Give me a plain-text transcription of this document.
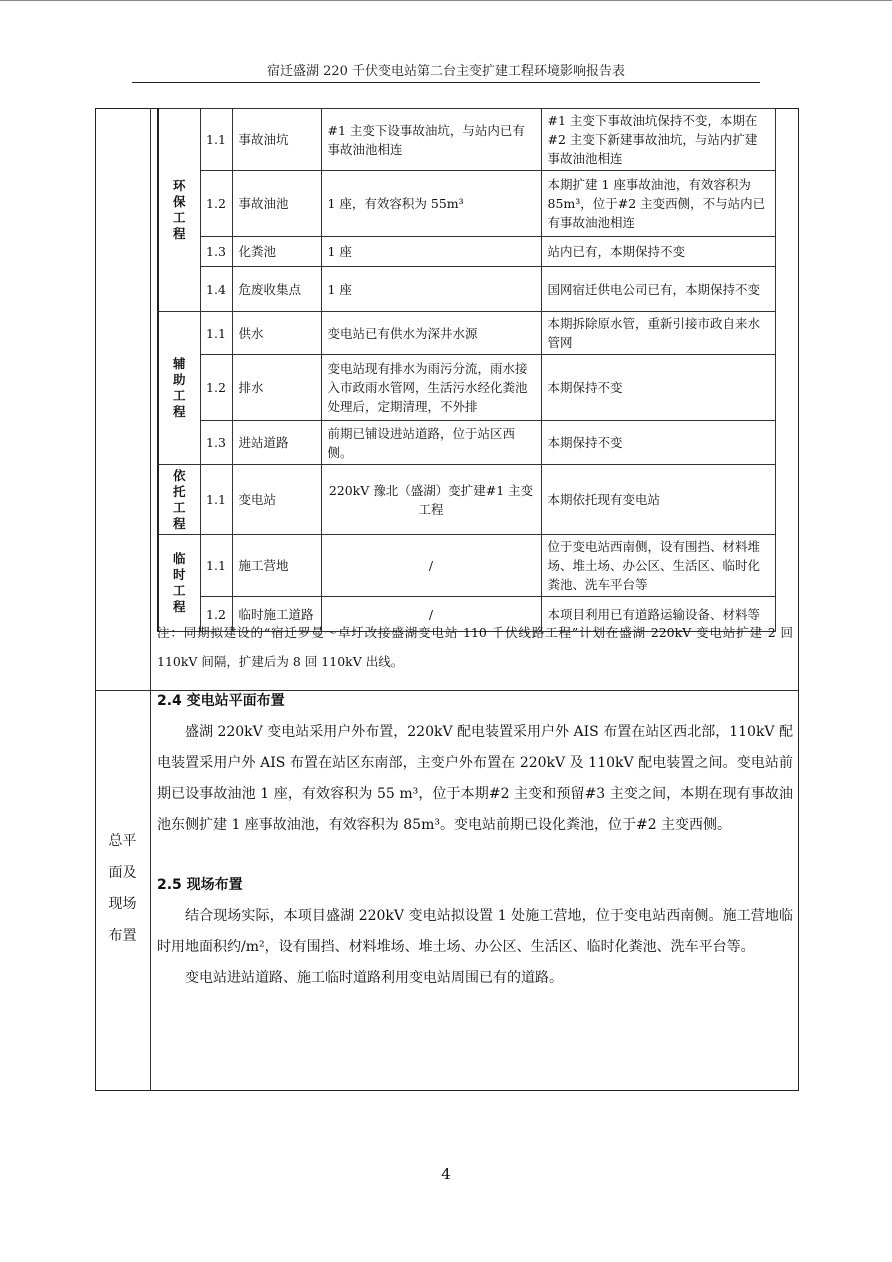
宿迁盛湖 220 千伏变电站第二台主变扩建工程环境影响报告表
环保工程	1.1	事故油坑	#1 主变下设事故油坑，与站内已有事故油池相连	#1 主变下事故油坑保持不变，本期在#2 主变下新建事故油坑，与站内扩建事故油池相连
	1.2	事故油池	1 座，有效容积为 55m³	本期扩建 1 座事故油池，有效容积为 85m³，位于#2 主变西侧，不与站内已有事故油池相连
	1.3	化粪池	1 座	站内已有，本期保持不变
	1.4	危废收集点	1 座	国网宿迁供电公司已有，本期保持不变
辅助工程	1.1	供水	变电站已有供水为深井水源	本期拆除原水管，重新引接市政自来水管网
	1.2	排水	变电站现有排水为雨污分流，雨水接入市政雨水管网，生活污水经化粪池处理后，定期清理，不外排	本期保持不变
	1.3	进站道路	前期已铺设进站道路，位于站区西侧。	本期保持不变
依托工程	1.1	变电站	220kV 豫北（盛湖）变扩建#1 主变工程	本期依托现有变电站
临时工程	1.1	施工营地	/	位于变电站西南侧，设有围挡、材料堆场、堆土场、办公区、生活区、临时化粪池、洗车平台等
	1.2	临时施工道路	/	本项目利用已有道路运输设备、材料等
注：同期拟建设的“宿迁罗曼～卓圩改接盛湖变电站 110 千伏线路工程”计划在盛湖 220kV 变电站扩建 2 回 110kV 间隔，扩建后为 8 回 110kV 出线。
总平
面及
现场
布置
2.4 变电站平面布置

盛湖 220kV 变电站采用户外布置，220kV 配电装置采用户外 AIS 布置在站区西北部，110kV 配电装置采用户外 AIS 布置在站区东南部，主变户外布置在 220kV 及 110kV 配电装置之间。变电站前期已设事故油池 1 座，有效容积为 55 m³，位于本期#2 主变和预留#3 主变之间，本期在现有事故油池东侧扩建 1 座事故油池，有效容积为 85m³。变电站前期已设化粪池，位于#2 主变西侧。

2.5 现场布置

结合现场实际，本项目盛湖 220kV 变电站拟设置 1 处施工营地，位于变电站西南侧。施工营地临时用地面积约/m²，设有围挡、材料堆场、堆土场、办公区、生活区、临时化粪池、洗车平台等。

变电站进站道路、施工临时道路利用变电站周围已有的道路。

4
